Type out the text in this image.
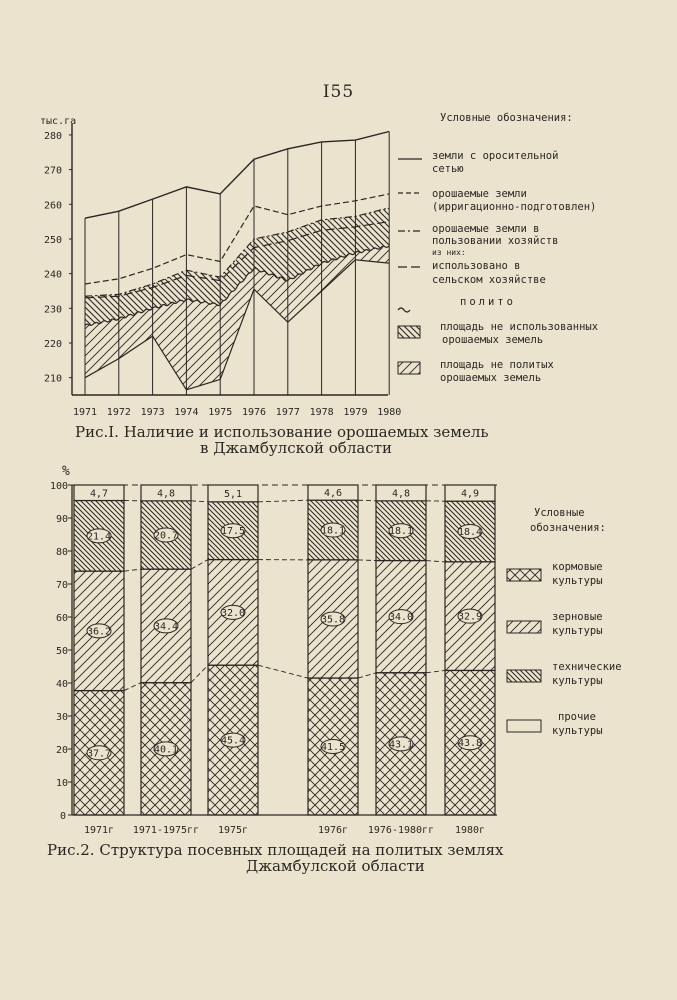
I55
тыс.га
210
220
230
240
250
260
270
280
1971 1972 1973 1974 1975 1976 1977 1978 1979 1980
Условные обозначения:
земли с оросительной
сетью
орошаемые земли
(ирригационно-подготовлен)
орошаемые земли в
пользовании хозяйств
из них:
использовано в
сельском хозяйстве
полито
площадь не использованных
орошаемых земель
площадь не политых
орошаемых земель
Рис.I. Наличие и использование орошаемых земель
в Джамбулской области
%
0
10
20
30
40
50
60
70
80
90
100
37.7
36.2
21.4
4,7
40.1
34.4
20.7
4,8
45.4
32.0
17.5
5,1
41.5
35.8
18.1
4,6
43.1
34.0
18.1
4,8
43.8
32.9
18.4
4,9
1971г 1971-1975гг 1975г	1976г 1976-1980гг 1980г
Условные
обозначения:
кормовые
культуры
зерновые
культуры
технические
культуры
прочие
культуры
Рис.2. Структура посевных площадей на политых землях
Джамбулской области
